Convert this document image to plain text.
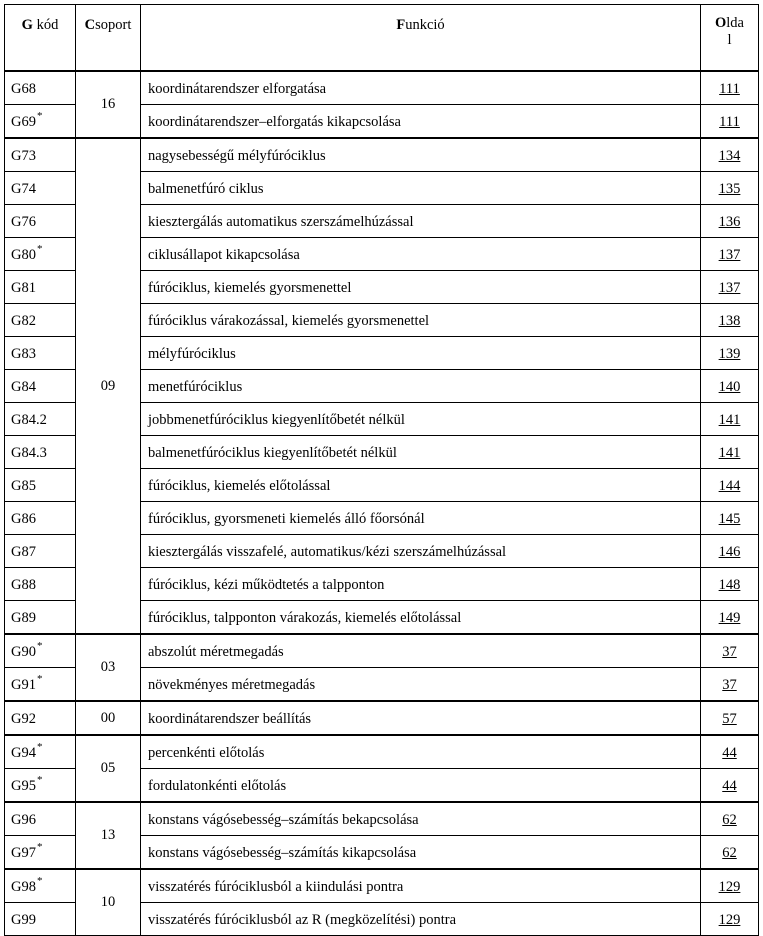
G kód	Csoport	Funkció	Olda
l
G68	16	koordinátarendszer elforgatása	111
G69*		koordinátarendszer–elforgatás kikapcsolása	111
G73	09	nagysebességű mélyfúróciklus	134
G74		balmenetfúró ciklus	135
G76		kiesztergálás automatikus szerszámelhúzással	136
G80*		ciklusállapot kikapcsolása	137
G81		fúróciklus, kiemelés gyorsmenettel	137
G82		fúróciklus várakozással, kiemelés gyorsmenettel	138
G83		mélyfúróciklus	139
G84		menetfúróciklus	140
G84.2		jobbmenetfúróciklus kiegyenlítőbetét nélkül	141
G84.3		balmenetfúróciklus kiegyenlítőbetét nélkül	141
G85		fúróciklus, kiemelés előtolással	144
G86		fúróciklus, gyorsmeneti kiemelés álló főorsónál	145
G87		kiesztergálás visszafelé, automatikus/kézi szerszámelhúzással	146
G88		fúróciklus, kézi működtetés a talpponton	148
G89		fúróciklus, talpponton várakozás, kiemelés előtolással	149
G90*	03	abszolút méretmegadás	37
G91*		növekményes méretmegadás	37
G92	00	koordinátarendszer beállítás	57
G94*	05	percenkénti előtolás	44
G95*		fordulatonkénti előtolás	44
G96	13	konstans vágósebesség–számítás bekapcsolása	62
G97*		konstans vágósebesség–számítás kikapcsolása	62
G98*	10	visszatérés fúróciklusból a kiindulási pontra	129
G99		visszatérés fúróciklusból az R (megközelítési) pontra	129
